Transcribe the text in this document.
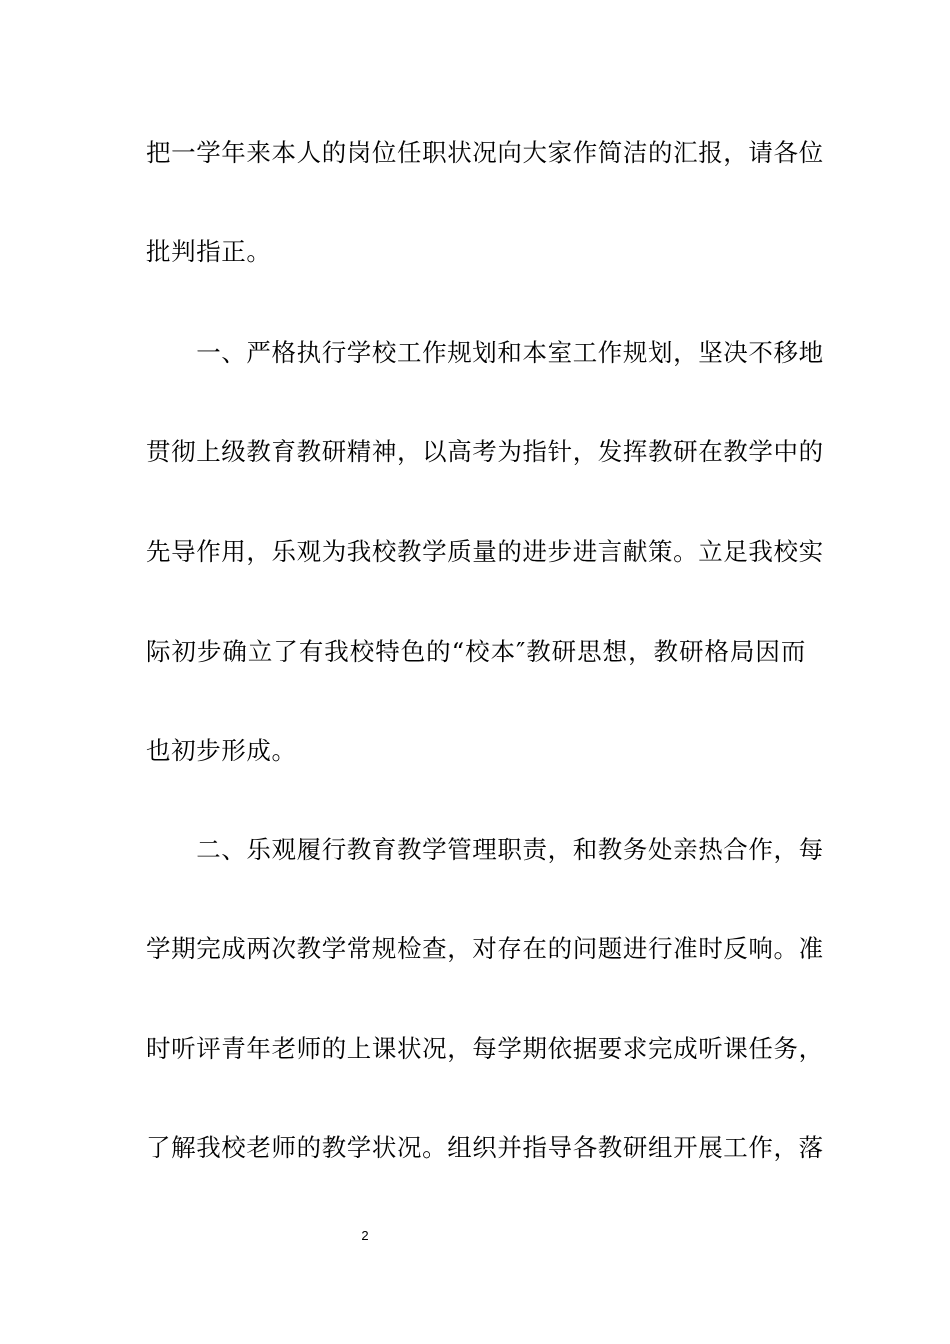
把一学年来本人的岗位任职状况向大家作简洁的汇报，请各位
批判指正。
　　一、严格执行学校工作规划和本室工作规划，坚决不移地
贯彻上级教育教研精神，以高考为指针，发挥教研在教学中的
先导作用，乐观为我校教学质量的进步进言献策。立足我校实
际初步确立了有我校特色的“校本″教研思想，教研格局因而
也初步形成。
　　二、乐观履行教育教学管理职责，和教务处亲热合作，每
学期完成两次教学常规检查，对存在的问题进行准时反响。准
时听评青年老师的上课状况，每学期依据要求完成听课任务，
了解我校老师的教学状况。组织并指导各教研组开展工作，落
2
